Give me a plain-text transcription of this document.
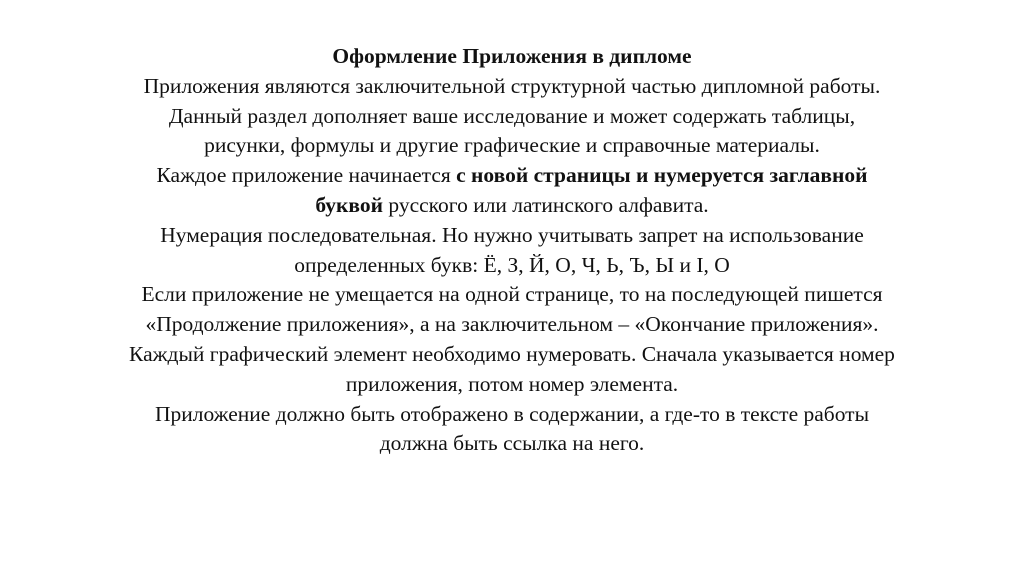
Оформление Приложения в дипломе
Приложения являются заключительной структурной частью дипломной работы.
Данный раздел дополняет ваше исследование и может содержать таблицы,
рисунки, формулы и другие графические и справочные материалы.
Каждое приложение начинается с новой страницы и нумеруется заглавной
буквой русского или латинского алфавита.
Нумерация последовательная. Но нужно учитывать запрет на использование
определенных букв: Ё, З, Й, О, Ч, Ь, Ъ, Ы и I, O
Если приложение не умещается на одной странице, то на последующей пишется
«Продолжение приложения», а на заключительном – «Окончание приложения».
Каждый графический элемент необходимо нумеровать. Сначала указывается номер
приложения, потом номер элемента.
Приложение должно быть отображено в содержании, а где-то в тексте работы
должна быть ссылка на него.
